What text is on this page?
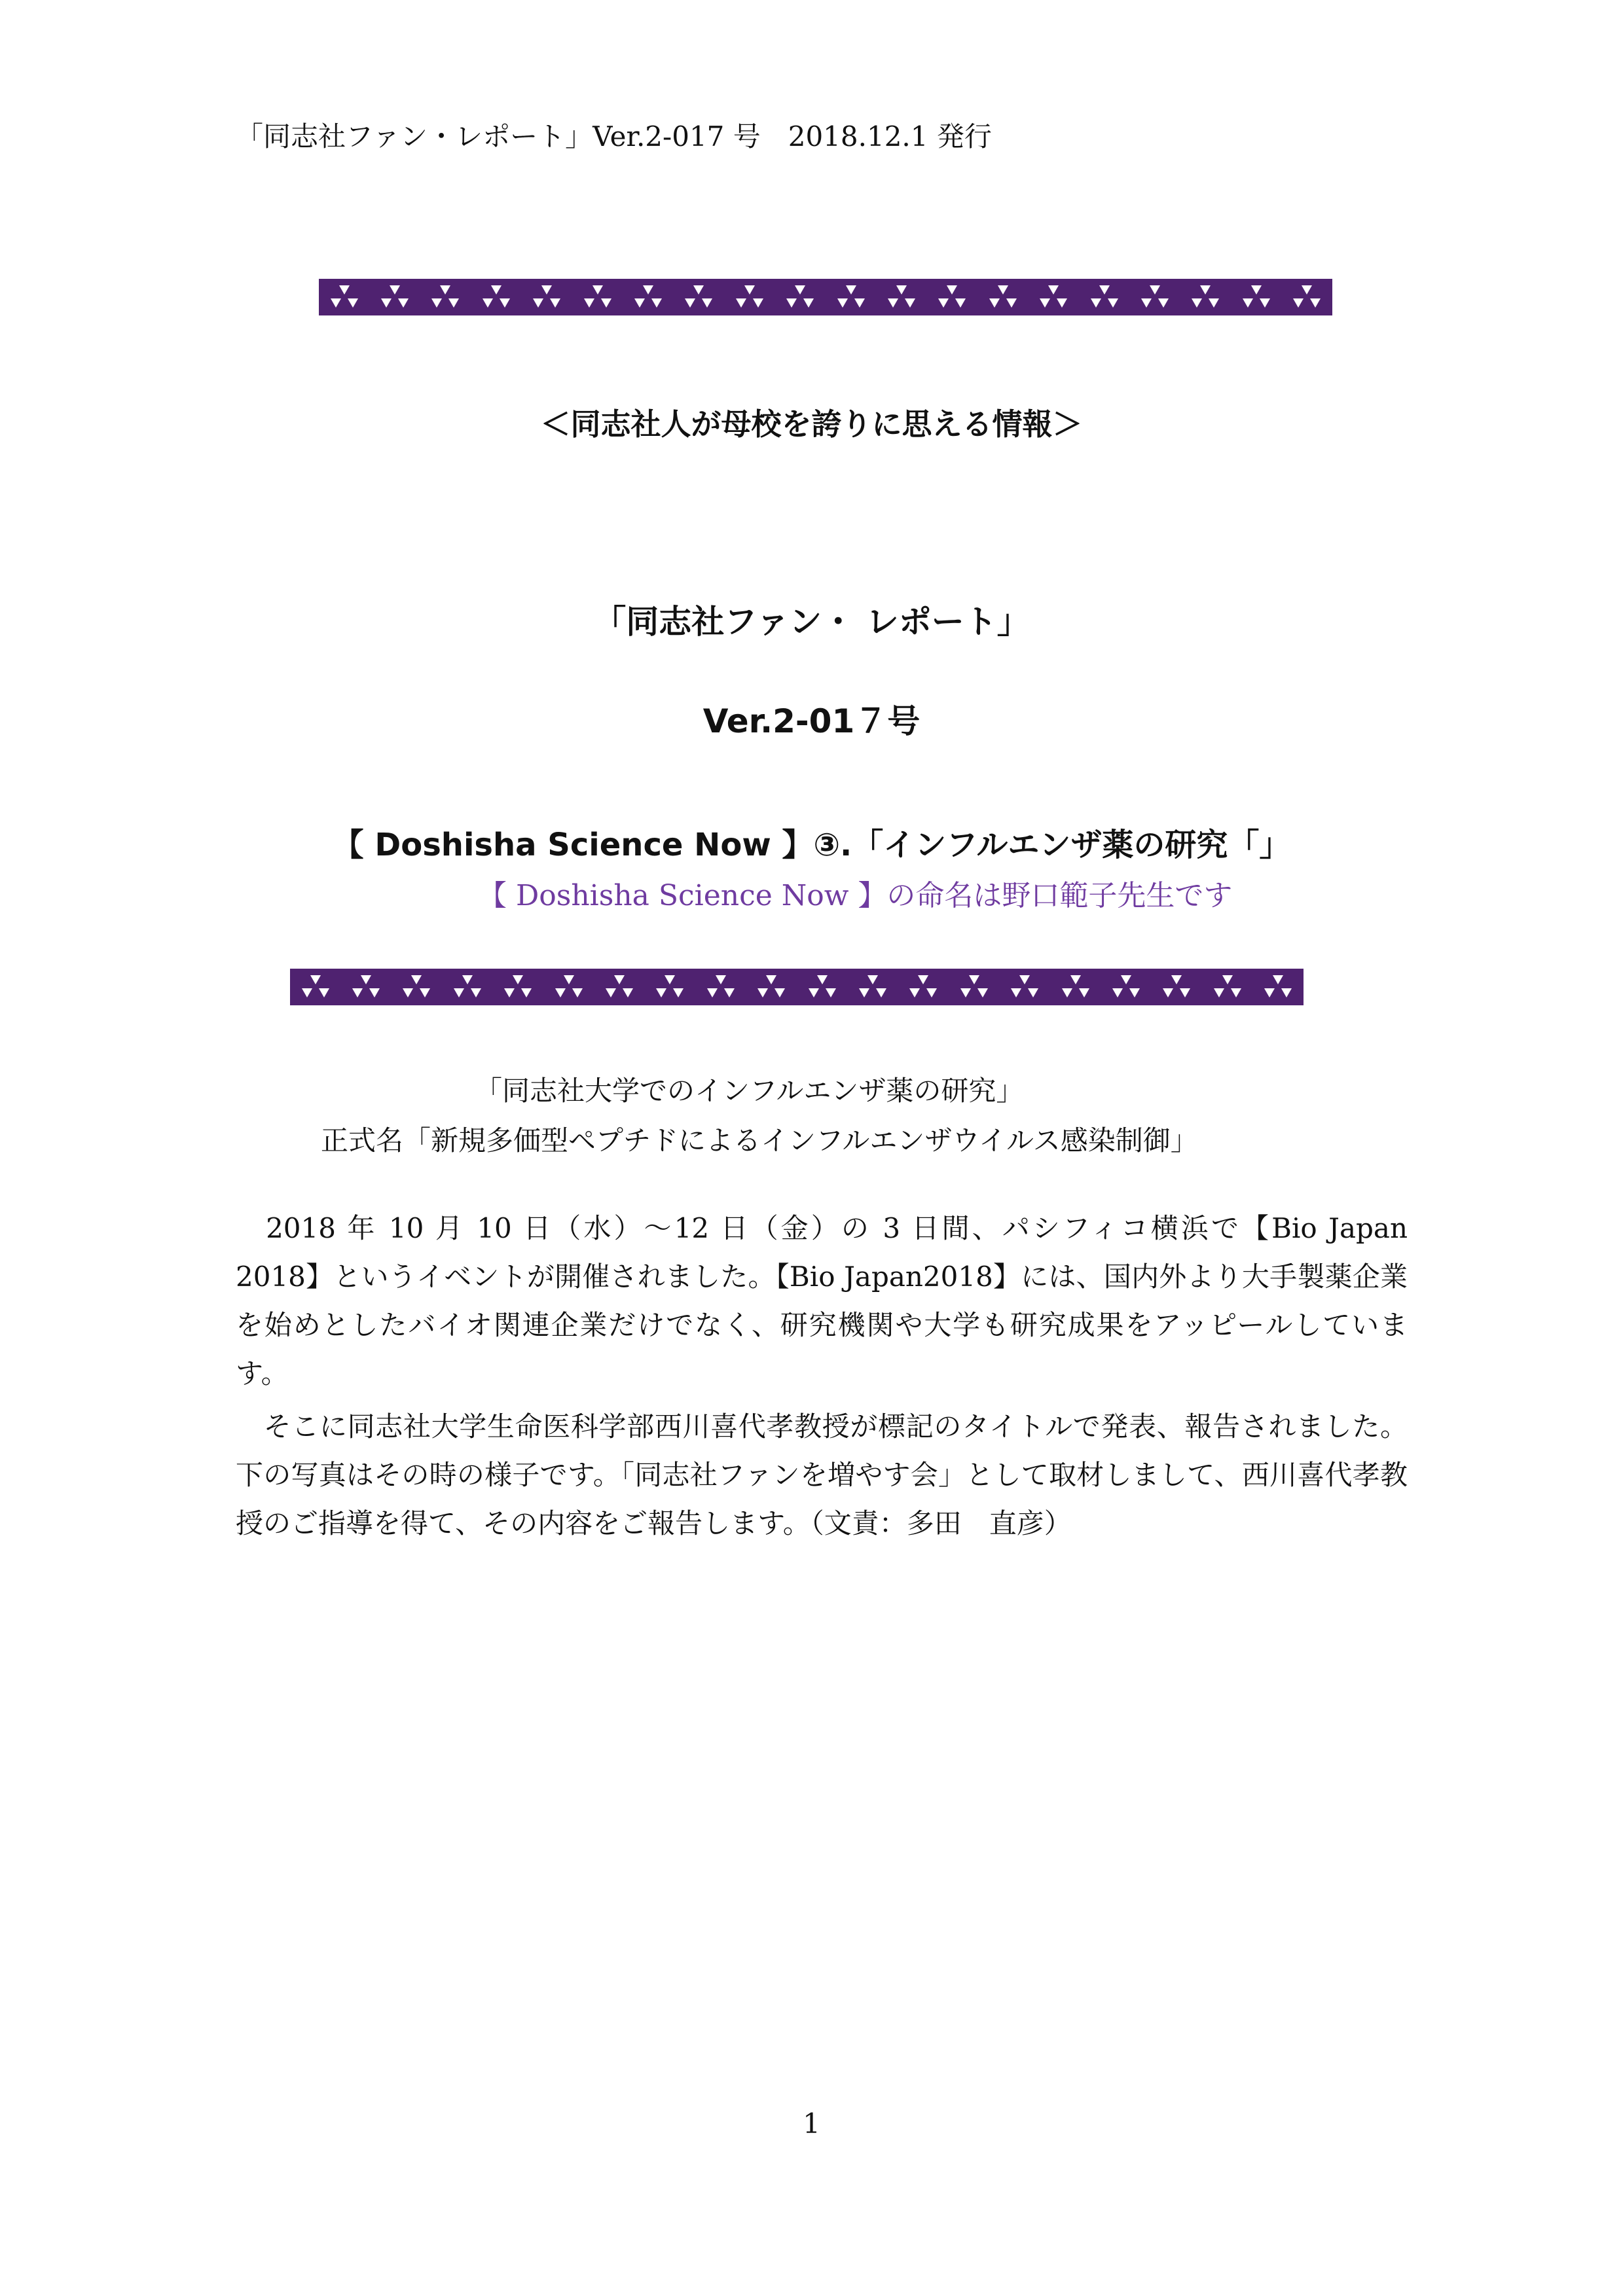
「同志社ファン・レポート」Ver.2-017 号　2018.12.1 発行
＜同志社人が母校を誇りに思える情報＞
「同志社ファン・ レポート」
Ver.2-01７号
【 Doshisha Science Now 】③.「インフルエンザ薬の研究「」
【 Doshisha Science Now 】の命名は野口範子先生です
「同志社大学でのインフルエンザ薬の研究」
正式名「新規多価型ペプチドによるインフルエンザウイルス感染制御」

　2018 年 10 月 10 日（水）〜12 日（金）の 3 日間、パシフィコ横浜で【Bio Japan 2018】というイベントが開催されました。【Bio Japan2018】には、国内外より大手製薬企業を始めとしたバイオ関連企業だけでなく、研究機関や大学も研究成果をアッピールしています。

　そこに同志社大学生命医科学部西川喜代孝教授が標記のタイトルで発表、報告されました。下の写真はその時の様子です。「同志社ファンを増やす会」として取材しまして、西川喜代孝教授のご指導を得て、その内容をご報告します。（文責：多田　直彦）

1
